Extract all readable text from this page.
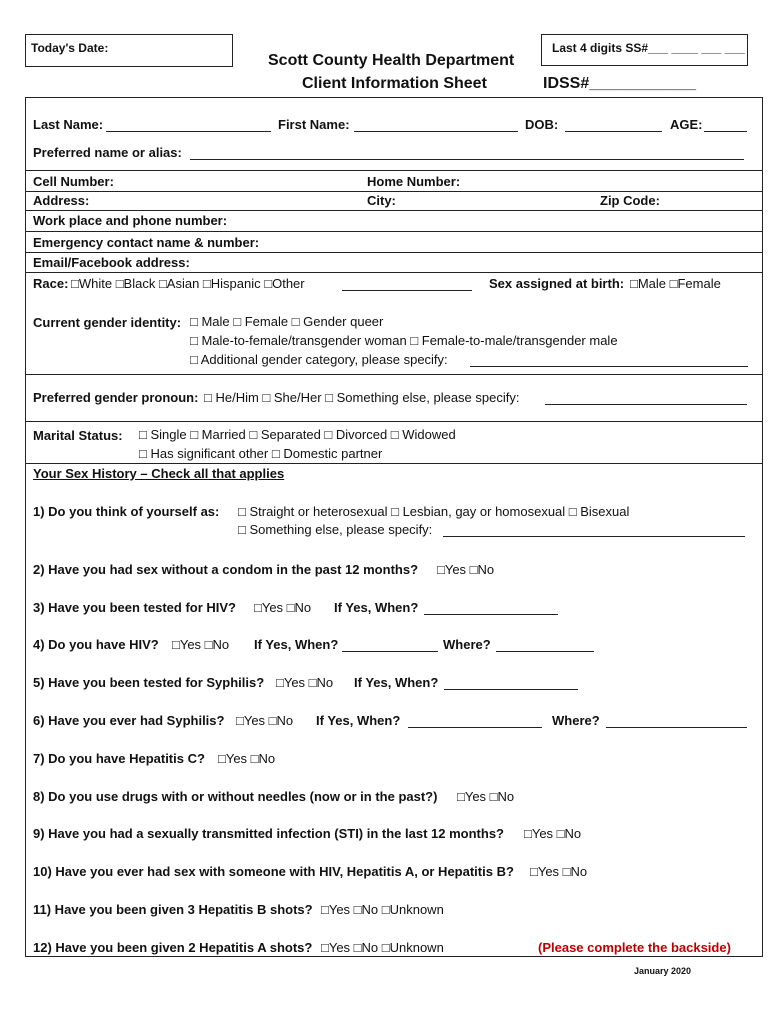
Today's Date:
Scott County Health Department
Client Information Sheet
Last 4 digits SS#___ ____ ___ ___
IDSS#____________
Last Name:	First Name:	DOB:	AGE:
Preferred name or alias:
Cell Number:	Home Number:
Address:	City:	Zip Code:
Work place and phone number:
Emergency contact name & number:
Email/Facebook address:
Race: □White □Black □Asian □Hispanic □Other	Sex assigned at birth: □Male □Female
Current gender identity: □ Male □ Female □ Gender queer
□ Male-to-female/transgender woman □ Female-to-male/transgender male
□ Additional gender category, please specify:
Preferred gender pronoun: □ He/Him □ She/Her □ Something else, please specify:
Marital Status: □ Single □ Married □ Separated □ Divorced □ Widowed
□ Has significant other □ Domestic partner
Your Sex History – Check all that applies
1) Do you think of yourself as: □ Straight or heterosexual □ Lesbian, gay or homosexual □ Bisexual
□ Something else, please specify:
2) Have you had sex without a condom in the past 12 months? □Yes □No
3) Have you been tested for HIV? □Yes □No If Yes, When?
4) Do you have HIV? □Yes □No If Yes, When?	Where?
5) Have you been tested for Syphilis? □Yes □No If Yes, When?
6) Have you ever had Syphilis? □Yes □No If Yes, When?	Where?
7) Do you have Hepatitis C? □Yes □No
8) Do you use drugs with or without needles (now or in the past?) □Yes □No
9) Have you had a sexually transmitted infection (STI) in the last 12 months? □Yes □No
10) Have you ever had sex with someone with HIV, Hepatitis A, or Hepatitis B? □Yes □No
11) Have you been given 3 Hepatitis B shots? □Yes □No □Unknown
12) Have you been given 2 Hepatitis A shots? □Yes □No □Unknown	(Please complete the backside)
January 2020
